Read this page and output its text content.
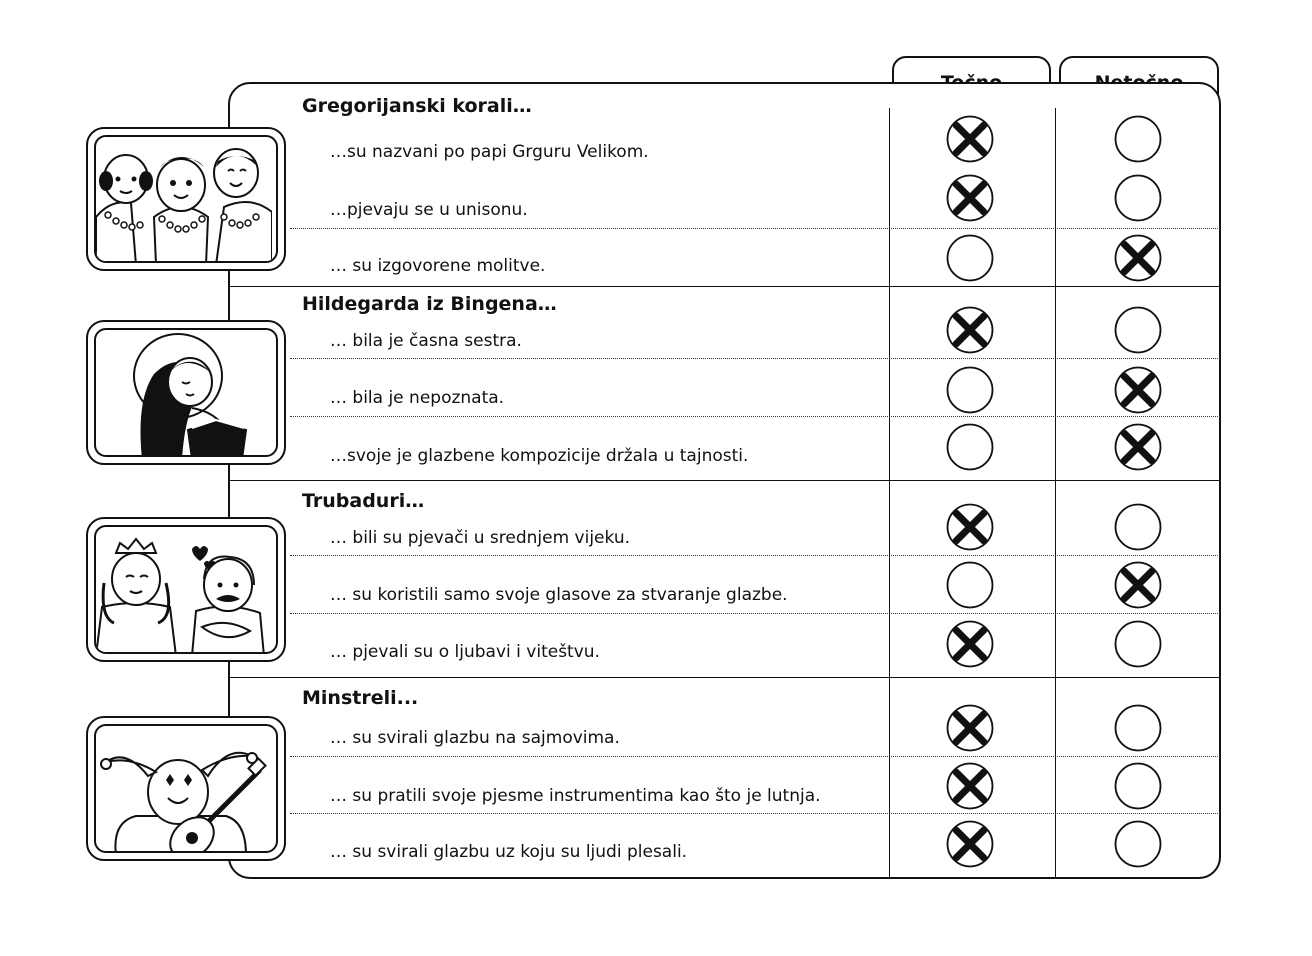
Gregorijanski korali…
Hildegarda iz Bingena…
Trubaduri…
Minstreli...
…su nazvani po papi Grguru Velikom.
…pjevaju se u unisonu.
… su izgovorene molitve.
… bila je časna sestra.
… bila je nepoznata.
…svoje je glazbene kompozicije držala u tajnosti.
… bili su pjevači u srednjem vijeku.
… su koristili samo svoje glasove za stvaranje glazbe.
… pjevali su o ljubavi i viteštvu.
… su svirali glazbu na sajmovima.
… su pratili svoje pjesme instrumentima kao što je lutnja.
… su svirali glazbu uz koju su ljudi plesali.
